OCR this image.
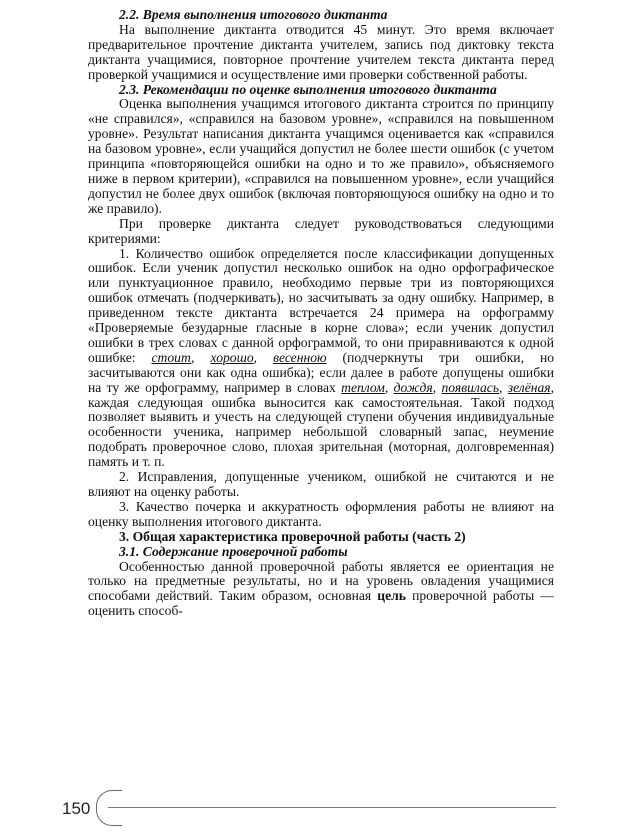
2.2. Время выполнения итогового диктанта

На выполнение диктанта отводится 45 минут. Это время включает предварительное прочтение диктанта учителем, запись под диктовку текста диктанта учащимися, повторное прочтение учителем текста диктанта перед проверкой учащимися и осуществление ими проверки собственной работы.

2.3. Рекомендации по оценке выполнения итогового диктанта

Оценка выполнения учащимся итогового диктанта строится по принципу «не справился», «справился на базовом уровне», «справился на повышенном уровне». Результат написания диктанта учащимся оценивается как «справился на базовом уровне», если учащийся допустил не более шести ошибок (с учетом принципа «повторяющейся ошибки на одно и то же правило», объясняемого ниже в первом критерии), «справился на повышенном уровне», если учащийся допустил не более двух ошибок (включая повторяющуюся ошибку на одно и то же правило).

При проверке диктанта следует руководствоваться следующими критериями:

1. Количество ошибок определяется после классификации допущенных ошибок. Если ученик допустил несколько ошибок на одно орфографическое или пунктуационное правило, необходимо первые три из повторяющихся ошибок отмечать (подчеркивать), но засчитывать за одну ошибку. Например, в приведенном тексте диктанта встречается 24 примера на орфограмму «Проверяемые безударные гласные в корне слова»; если ученик допустил ошибки в трех словах с данной орфограммой, то они приравниваются к одной ошибке: стоит, хорошо, весенною (подчеркнуты три ошибки, но засчитываются они как одна ошибка); если далее в работе допущены ошибки на ту же орфограмму, например в словах теплом, дождя, появилась, зелёная, каждая следующая ошибка выносится как самостоятельная. Такой подход позволяет выявить и учесть на следующей ступени обучения индивидуальные особенности ученика, например небольшой словарный запас, неумение подобрать проверочное слово, плохая зрительная (моторная, долговременная) память и т. п.

2. Исправления, допущенные учеником, ошибкой не считаются и не влияют на оценку работы.

3. Качество почерка и аккуратность оформления работы не влияют на оценку выполнения итогового диктанта.

3. Общая характеристика проверочной работы (часть 2)

3.1. Содержание проверочной работы

Особенностью данной проверочной работы является ее ориентация не только на предметные результаты, но и на уровень овладения учащимися способами действий. Таким образом, основная цель проверочной работы — оценить способ-

150
